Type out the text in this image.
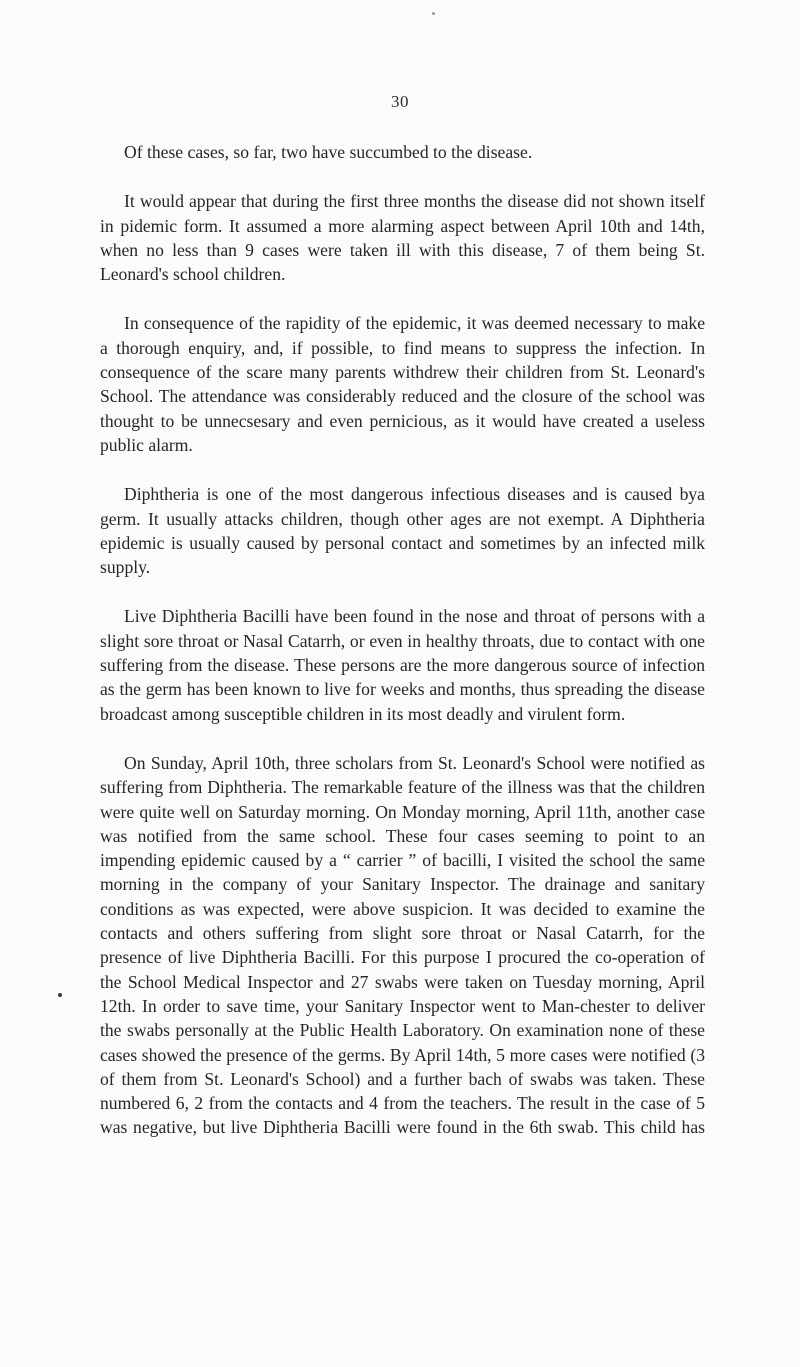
30

Of these cases, so far, two have succumbed to the disease.

It would appear that during the first three months the disease did not shown itself in pidemic form. It assumed a more alarming aspect between April 10th and 14th, when no less than 9 cases were taken ill with this disease, 7 of them being St. Leonard's school children.

In consequence of the rapidity of the epidemic, it was deemed necessary to make a thorough enquiry, and, if possible, to find means to suppress the infection. In consequence of the scare many parents withdrew their children from St. Leonard's School. The attendance was considerably reduced and the closure of the school was thought to be unnecsesary and even pernicious, as it would have created a useless public alarm.

Diphtheria is one of the most dangerous infectious diseases and is caused bya germ. It usually attacks children, though other ages are not exempt. A Diphtheria epidemic is usually caused by personal contact and sometimes by an infected milk supply.

Live Diphtheria Bacilli have been found in the nose and throat of persons with a slight sore throat or Nasal Catarrh, or even in healthy throats, due to contact with one suffering from the disease. These persons are the more dangerous source of infection as the germ has been known to live for weeks and months, thus spreading the disease broadcast among susceptible children in its most deadly and virulent form.

On Sunday, April 10th, three scholars from St. Leonard's School were notified as suffering from Diphtheria. The remarkable feature of the illness was that the children were quite well on Saturday morning. On Monday morning, April 11th, another case was notified from the same school. These four cases seeming to point to an impending epidemic caused by a “ carrier ” of bacilli, I visited the school the same morning in the company of your Sanitary Inspector. The drainage and sanitary conditions as was expected, were above suspicion. It was decided to examine the contacts and others suffering from slight sore throat or Nasal Catarrh, for the presence of live Diphtheria Bacilli. For this purpose I procured the co-operation of the School Medical Inspector and 27 swabs were taken on Tuesday morning, April 12th. In order to save time, your Sanitary Inspector went to Man-chester to deliver the swabs personally at the Public Health Laboratory. On examination none of these cases showed the presence of the germs. By April 14th, 5 more cases were notified (3 of them from St. Leonard's School) and a further bach of swabs was taken. These numbered 6, 2 from the contacts and 4 from the teachers. The result in the case of 5 was negative, but live Diphtheria Bacilli were found in the 6th swab. This child has
